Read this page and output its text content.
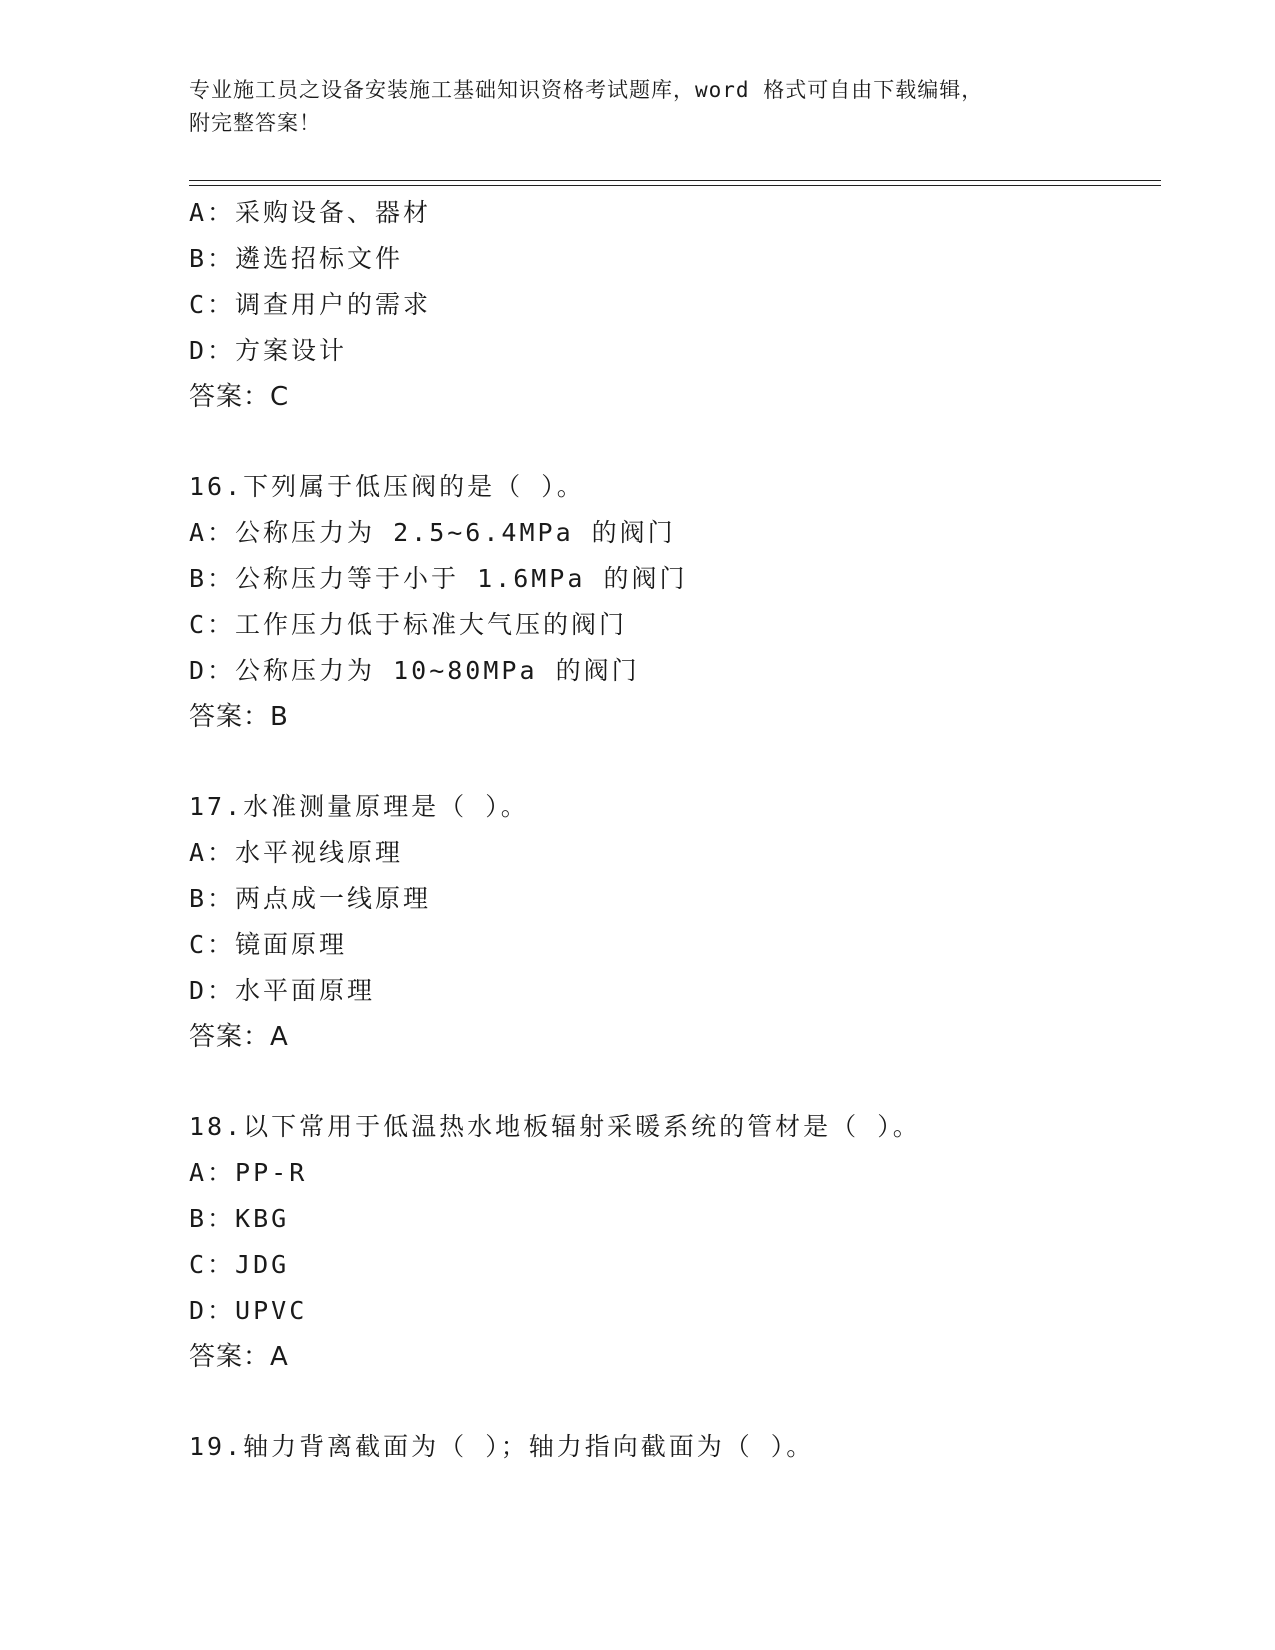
专业施工员之设备安装施工基础知识资格考试题库，word 格式可自由下载编辑，
附完整答案！
A：采购设备、器材
B：遴选招标文件
C：调查用户的需求
D：方案设计
答案：C
16.下列属于低压阀的是（ ）。
A：公称压力为 2.5~6.4MPa 的阀门
B：公称压力等于小于 1.6MPa 的阀门
C：工作压力低于标准大气压的阀门
D：公称压力为 10~80MPa 的阀门
答案：B
17.水准测量原理是（ ）。
A：水平视线原理
B：两点成一线原理
C：镜面原理
D：水平面原理
答案：A
18.以下常用于低温热水地板辐射采暖系统的管材是（ ）。
A：PP-R
B：KBG
C：JDG
D：UPVC
答案：A
19.轴力背离截面为（ ）；轴力指向截面为（ ）。
